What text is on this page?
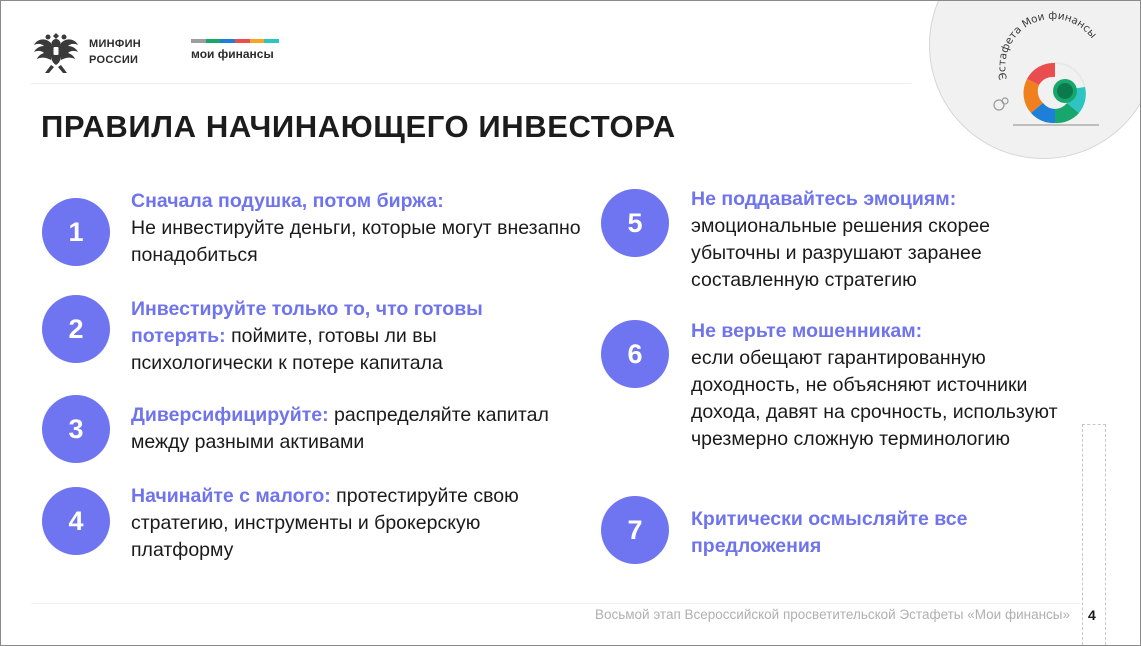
МИНФИН
РОССИИ	мои финансы
Эстафета Мои финансы
ПРАВИЛА НАЧИНАЮЩЕГО ИНВЕСТОРА
1
Сначала подушка, потом биржа:
Не инвестируйте деньги, которые могут внезапно понадобиться
2
Инвестируйте только то, что готовы потерять: поймите, готовы ли вы психологически к потере капитала
3	Диверсифицируйте: распределяйте капитал между разными активами
4
Начинайте с малого: протестируйте свою стратегию, инструменты и брокерскую платформу
5
Не поддавайтесь эмоциям:
эмоциональные решения скорее убыточны и разрушают заранее составленную стратегию
6
Не верьте мошенникам:
если обещают гарантированную доходность, не объясняют источники дохода, давят на срочность, используют чрезмерно сложную терминологию
7	Критически осмысляйте все предложения
Восьмой этап Всероссийской просветительской Эстафеты «Мои финансы» 4
